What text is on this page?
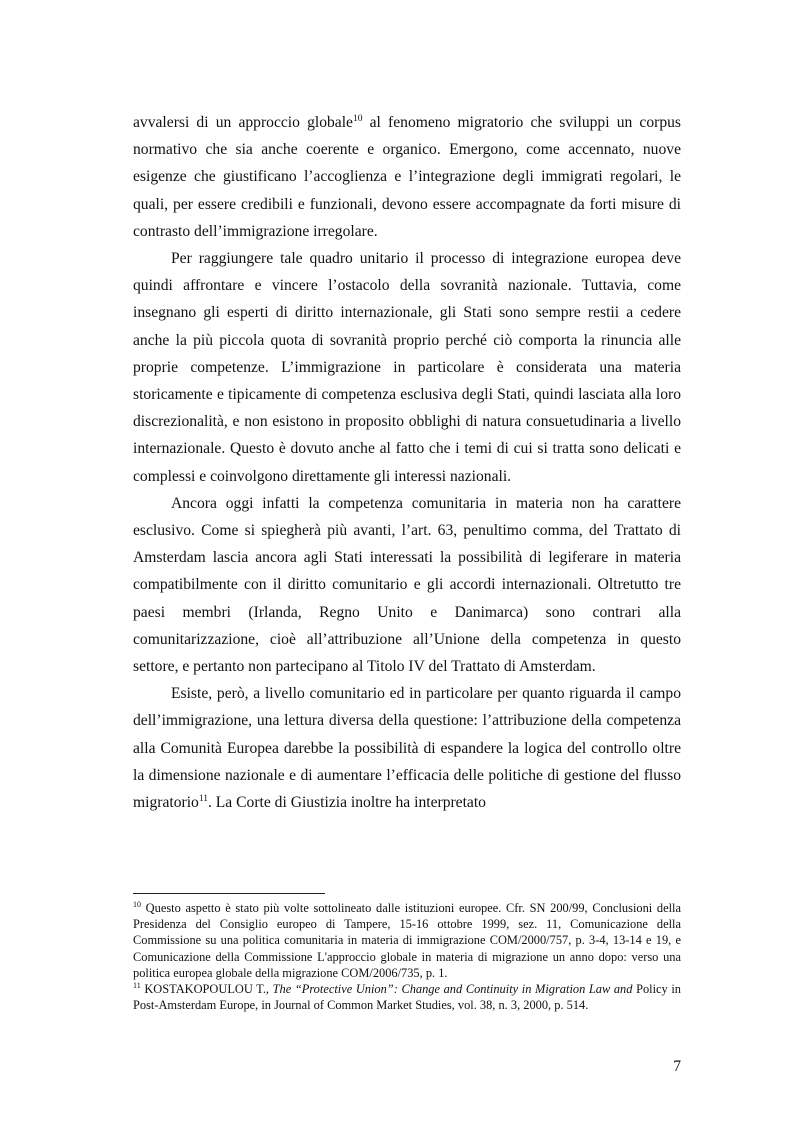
avvalersi di un approccio globale$^{10}$ al fenomeno migratorio che sviluppi un corpus normativo che sia anche coerente e organico. Emergono, come accennato, nuove esigenze che giustificano l’accoglienza e l’integrazione degli immigrati regolari, le quali, per essere credibili e funzionali, devono essere accompagnate da forti misure di contrasto dell’immigrazione irregolare.

Per raggiungere tale quadro unitario il processo di integrazione europea deve quindi affrontare e vincere l’ostacolo della sovranità nazionale. Tuttavia, come insegnano gli esperti di diritto internazionale, gli Stati sono sempre restii a cedere anche la più piccola quota di sovranità proprio perché ciò comporta la rinuncia alle proprie competenze. L’immigrazione in particolare è considerata una materia storicamente e tipicamente di competenza esclusiva degli Stati, quindi lasciata alla loro discrezionalità, e non esistono in proposito obblighi di natura consuetudinaria a livello internazionale. Questo è dovuto anche al fatto che i temi di cui si tratta sono delicati e complessi e coinvolgono direttamente gli interessi nazionali.

Ancora oggi infatti la competenza comunitaria in materia non ha carattere esclusivo. Come si spiegherà più avanti, l’art. 63, penultimo comma, del Trattato di Amsterdam lascia ancora agli Stati interessati la possibilità di legiferare in materia compatibilmente con il diritto comunitario e gli accordi internazionali. Oltretutto tre paesi membri (Irlanda, Regno Unito e Danimarca) sono contrari alla comunitarizzazione, cioè all’attribuzione all’Unione della competenza in questo settore, e pertanto non partecipano al Titolo IV del Trattato di Amsterdam.

Esiste, però, a livello comunitario ed in particolare per quanto riguarda il campo dell’immigrazione, una lettura diversa della questione: l’attribuzione della competenza alla Comunità Europea darebbe la possibilità di espandere la logica del controllo oltre la dimensione nazionale e di aumentare l’efficacia delle politiche di gestione del flusso migratorio$^{11}$. La Corte di Giustizia inoltre ha interpretato

$^{10}$ Questo aspetto è stato più volte sottolineato dalle istituzioni europee. Cfr. SN 200/99, Conclusioni della Presidenza del Consiglio europeo di Tampere, 15-16 ottobre 1999, sez. 11, Comunicazione della Commissione su una politica comunitaria in materia di immigrazione COM/2000/757, p. 3-4, 13-14 e 19, e Comunicazione della Commissione L'approccio globale in materia di migrazione un anno dopo: verso una politica europea globale della migrazione COM/2006/735, p. 1.

$^{11}$ KOSTAKOPOULOU T., The “Protective Union”: Change and Continuity in Migration Law and Policy in Post-Amsterdam Europe, in Journal of Common Market Studies, vol. 38, n. 3, 2000, p. 514.

7
